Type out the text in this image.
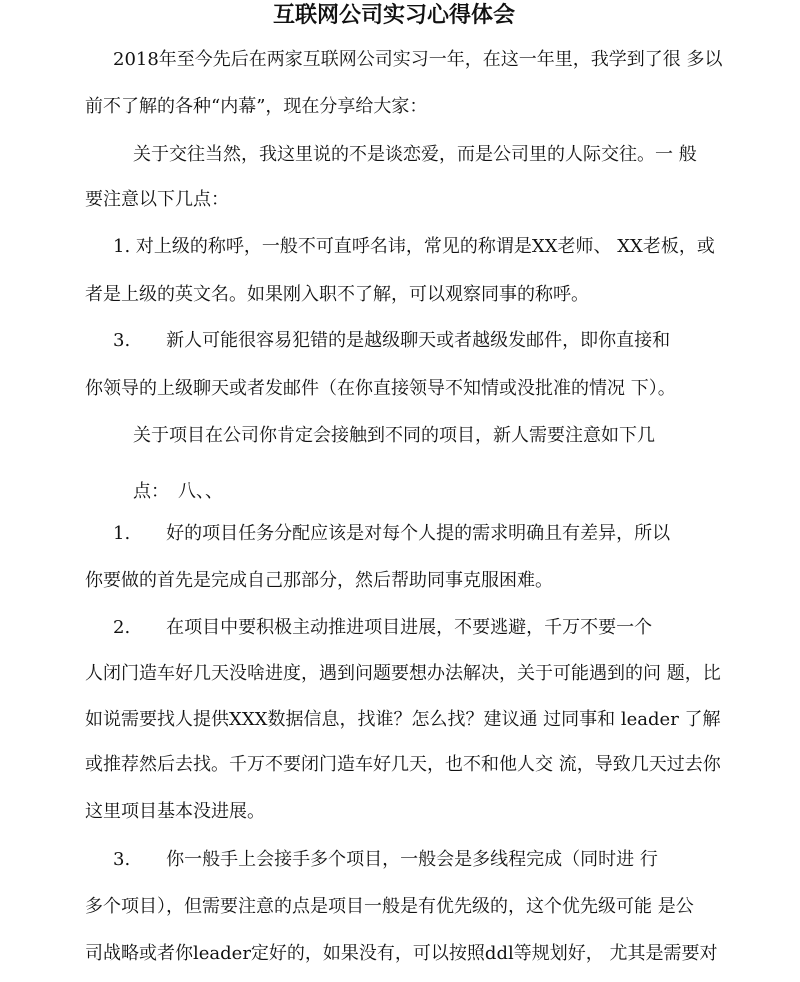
互联网公司实习心得体会

2018年至今先后在两家互联网公司实习一年，在这一年里，我学到了很 多以

前不了解的各种“内幕”，现在分享给大家：

关于交往当然，我这里说的不是谈恋爱，而是公司里的人际交往。一 般

要注意以下几点：

1. 对上级的称呼，一般不可直呼名讳，常见的称谓是XX老师、 XX老板，或

者是上级的英文名。如果刚入职不了解，可以观察同事的称呼。

3.　　新人可能很容易犯错的是越级聊天或者越级发邮件，即你直接和

你领导的上级聊天或者发邮件（在你直接领导不知情或没批准的情况 下）。

关于项目在公司你肯定会接触到不同的项目，新人需要注意如下几

点：　八、、

1.　　好的项目任务分配应该是对每个人提的需求明确且有差异，所以

你要做的首先是完成自己那部分，然后帮助同事克服困难。

2.　　在项目中要积极主动推进项目进展，不要逃避，千万不要一个

人闭门造车好几天没啥进度，遇到问题要想办法解决，关于可能遇到的问 题，比

如说需要找人提供XXX数据信息，找谁？怎么找？建议通 过同事和 leader 了解

或推荐然后去找。千万不要闭门造车好几天，也不和他人交 流，导致几天过去你

这里项目基本没进展。

3.　　你一般手上会接手多个项目，一般会是多线程完成（同时进 行

多个项目），但需要注意的点是项目一般是有优先级的，这个优先级可能 是公

司战略或者你leader定好的，如果没有，可以按照ddl等规划好， 尤其是需要对
